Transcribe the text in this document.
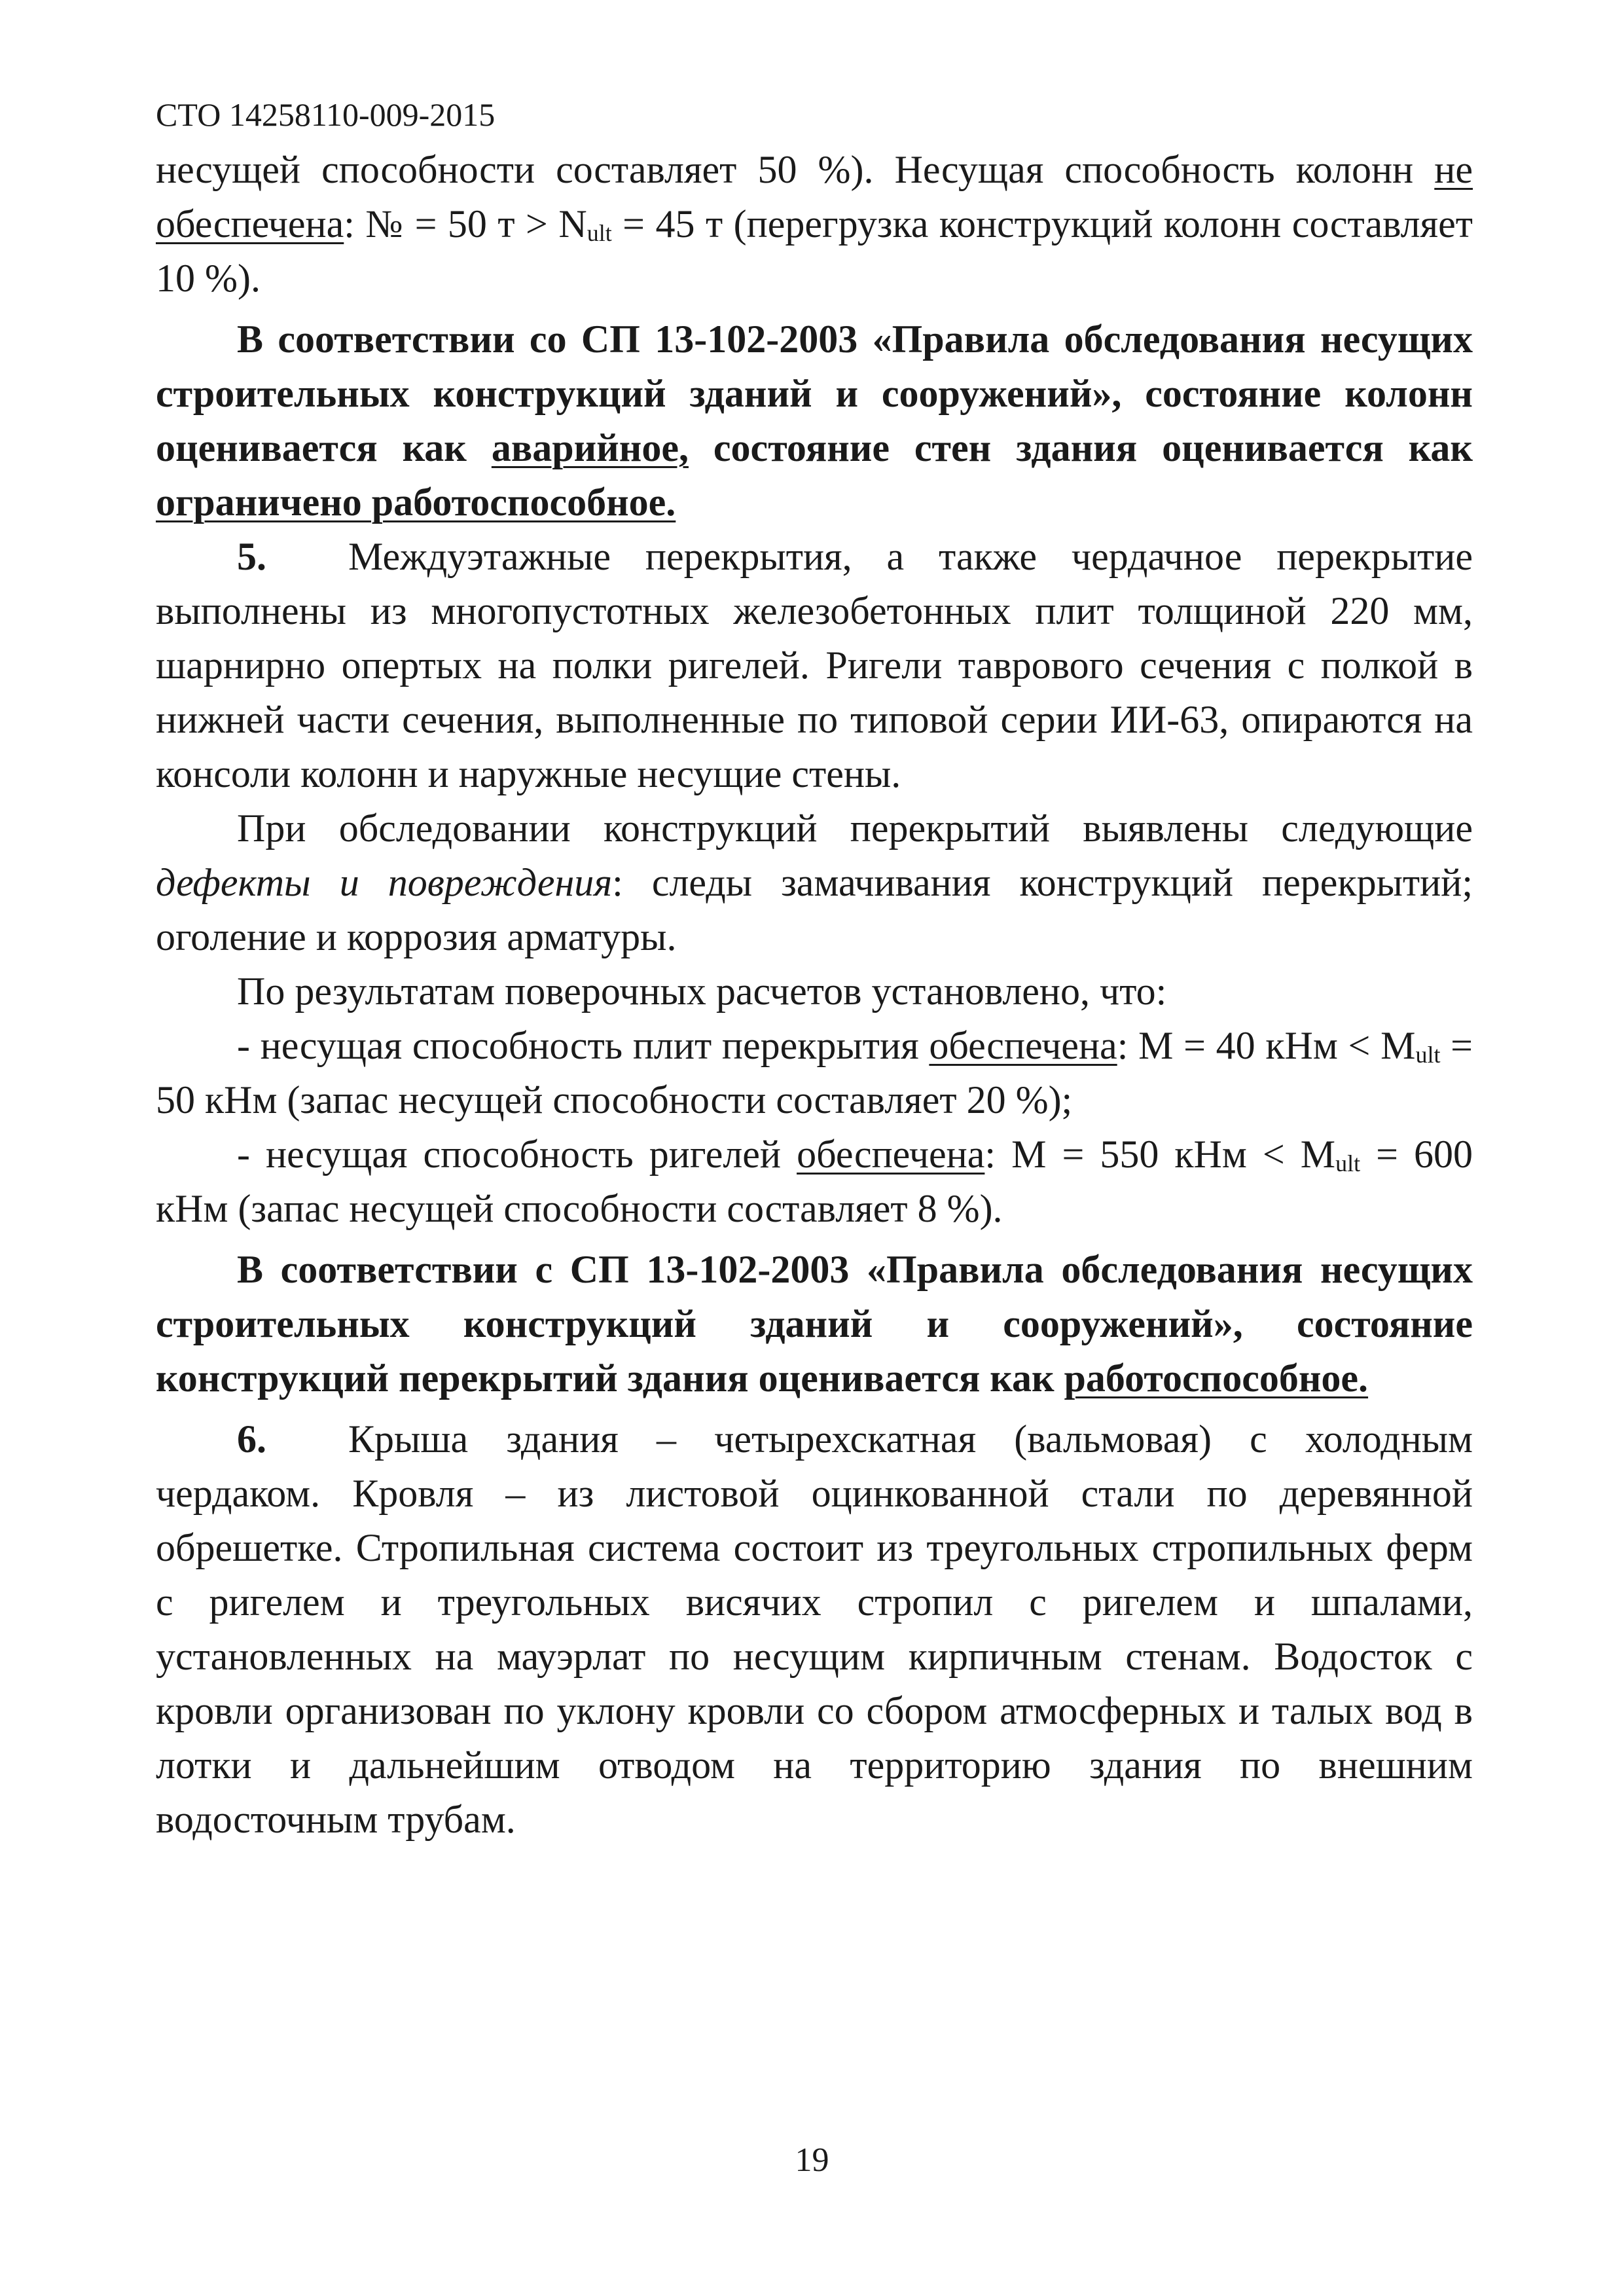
СТО 14258110-009-2015

несущей способности составляет 50 %). Несущая способность колонн не обеспечена: № = 50 $т > N_{ult} = 45$ т (перегрузка конструкций колонн составляет 10 %).

В соответствии со СП 13-102-2003 «Правила обследования несущих строительных конструкций зданий и сооружений», состояние колонн оценивается как аварийное, состояние стен здания оценивается как ограничено работоспособное.

5. Междуэтажные перекрытия, а также чердачное перекрытие выполнены из многопустотных железобетонных плит толщиной 220 мм, шарнирно опертых на полки ригелей. Ригели таврового сечения с полкой в нижней части сечения, выполненные по типовой серии ИИ-63, опираются на консоли колонн и наружные несущие стены.

При обследовании конструкций перекрытий выявлены следующие дефекты и повреждения: следы замачивания конструкций перекрытий; оголение и коррозия арматуры.

По результатам поверочных расчетов установлено, что:

- несущая способность плит перекрытия обеспечена: М = 40 кНм < $М_{ult} = 50$ кНм (запас несущей способности составляет 20 %);

- несущая способность ригелей обеспечена: М = 550 кНм < $М_{ult} = 600$ кНм (запас несущей способности составляет 8 %).

В соответствии с СП 13-102-2003 «Правила обследования несущих строительных конструкций зданий и сооружений», состояние конструкций перекрытий здания оценивается как работоспособное.

6. Крыша здания – четырехскатная (вальмовая) с холодным чердаком. Кровля – из листовой оцинкованной стали по деревянной обрешетке. Стропильная система состоит из треугольных стропильных ферм с ригелем и треугольных висячих стропил с ригелем и шпалами, установленных на мауэрлат по несущим кирпичным стенам. Водосток с кровли организован по уклону кровли со сбором атмосферных и талых вод в лотки и дальнейшим отводом на территорию здания по внешним водосточным трубам.

19
